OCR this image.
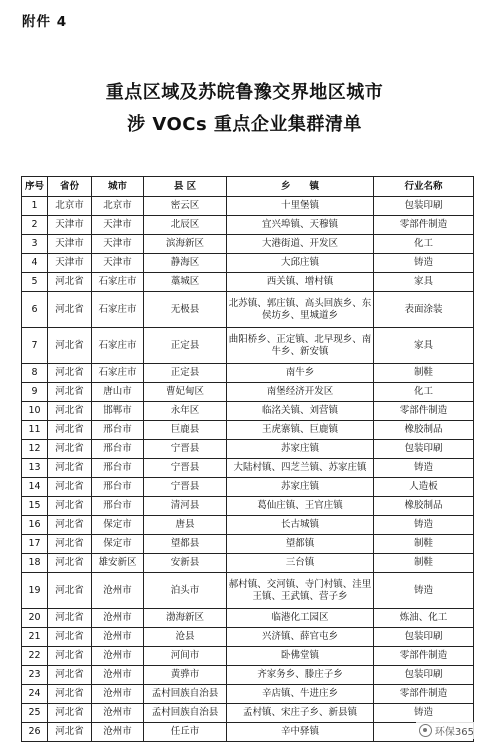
附件 4
重点区域及苏皖鲁豫交界地区城市
涉 VOCs 重点企业集群清单
序号	省份	城市	县 区	乡　　镇	行业名称
1	北京市	北京市	密云区	十里堡镇	包装印刷
2	天津市	天津市	北辰区	宜兴埠镇、天穆镇	零部件制造
3	天津市	天津市	滨海新区	大港街道、开发区	化工
4	天津市	天津市	静海区	大邱庄镇	铸造
5	河北省	石家庄市	藁城区	西关镇、增村镇	家具
6	河北省	石家庄市	无极县	北苏镇、郭庄镇、高头回族乡、东侯坊乡、里城道乡	表面涂装
7	河北省	石家庄市	正定县	曲阳桥乡、正定镇、北早现乡、南牛乡、新安镇	家具
8	河北省	石家庄市	正定县	南牛乡	制鞋
9	河北省	唐山市	曹妃甸区	南堡经济开发区	化工
10	河北省	邯郸市	永年区	临洺关镇、刘营镇	零部件制造
11	河北省	邢台市	巨鹿县	王虎寨镇、巨鹿镇	橡胶制品
12	河北省	邢台市	宁晋县	苏家庄镇	包装印刷
13	河北省	邢台市	宁晋县	大陆村镇、四芝兰镇、苏家庄镇	铸造
14	河北省	邢台市	宁晋县	苏家庄镇	人造板
15	河北省	邢台市	清河县	葛仙庄镇、王官庄镇	橡胶制品
16	河北省	保定市	唐县	长古城镇	铸造
17	河北省	保定市	望都县	望都镇	制鞋
18	河北省	雄安新区	安新县	三台镇	制鞋
19	河北省	沧州市	泊头市	郝村镇、交河镇、寺门村镇、洼里王镇、王武镇、营子乡	铸造
20	河北省	沧州市	渤海新区	临港化工园区	炼油、化工
21	河北省	沧州市	沧县	兴济镇、薛官屯乡	包装印刷
22	河北省	沧州市	河间市	卧佛堂镇	零部件制造
23	河北省	沧州市	黄骅市	齐家务乡、滕庄子乡	包装印刷
24	河北省	沧州市	孟村回族自治县	辛店镇、牛进庄乡	零部件制造
25	河北省	沧州市	孟村回族自治县	孟村镇、宋庄子乡、新县镇	铸造
26	河北省	沧州市	任丘市	辛中驿镇		环保365
